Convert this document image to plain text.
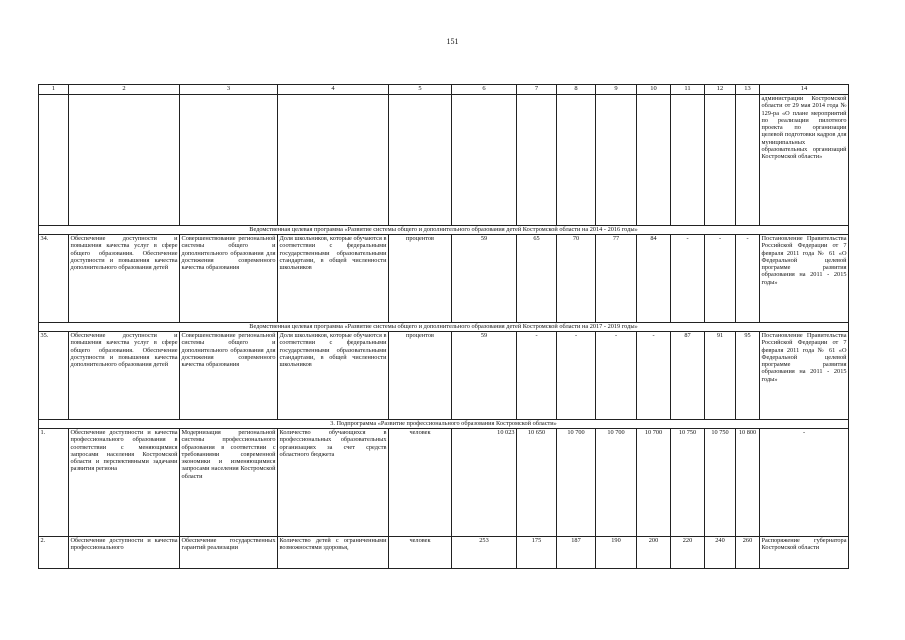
151
1	2	3	4	5	6	7	8	9	10	11	12	13	14
													администрации Костромской области от 29 мая 2014 года № 129-ра «О плане мероприятий по реализации пилотного проекта по организации целевой подготовки кадров для муниципальных образовательных организаций Костромской области»
Ведомственная целевая программа «Развитие системы общего и дополнительного образования детей Костромской области на 2014 - 2016 годы»													
34.	Обеспечение доступности и повышения качества услуг в сфере общего образования. Обеспечение доступности и повышения качества дополнительного образования детей	Совершенствование региональной системы общего и дополнительного образования для достижения современного качества образования	Доля школьников, которые обучаются в соответствии с федеральными государственными образовательными стандартами, в общей численности школьников	процентов	59	65	70	77	84	-	-	-	Постановление Правительства Российской Федерации от 7 февраля 2011 года № 61 «О Федеральной целевой программе развития образования на 2011 - 2015 годы»
Ведомственная целевая программа «Развитие системы общего и дополнительного образования детей Костромской области на 2017 - 2019 годы»													
35.	Обеспечение доступности и повышения качества услуг в сфере общего образования. Обеспечение доступности и повышения качества дополнительного образования детей	Совершенствование региональной системы общего и дополнительного образования для достижения современного качества образования	Доля школьников, которые обучаются в соответствии с федеральными государственными образовательными стандартами, в общей численности школьников	процентов	59	-	-	-	-	87	91	95	Постановление Правительства Российской Федерации от 7 февраля 2011 года № 61 «О Федеральной целевой программе развития образования на 2011 - 2015 годы»
3. Подпрограмма «Развитие профессионального образования Костромской области»													
1.	Обеспечение доступности и качества профессионального образования в соответствии с меняющимися запросами населения Костромской области и перспективными задачами развития региона	Модернизация региональной системы профессионального образования в соответствии с требованиями современной экономики и изменяющимися запросами населения Костромской области	Количество обучающихся в профессиональных образовательных организациях за счет средств областного бюджета	человек	10 023	10 650	10 700	10 700	10 700	10 750	10 750	10 800	-
2.	Обеспечение доступности и качества профессионального	Обеспечение государственных гарантий реализации	Количество детей с ограниченными возможностями здоровья,	человек	253	175	187	190	200	220	240	260	Распоряжение губернатора Костромской области
